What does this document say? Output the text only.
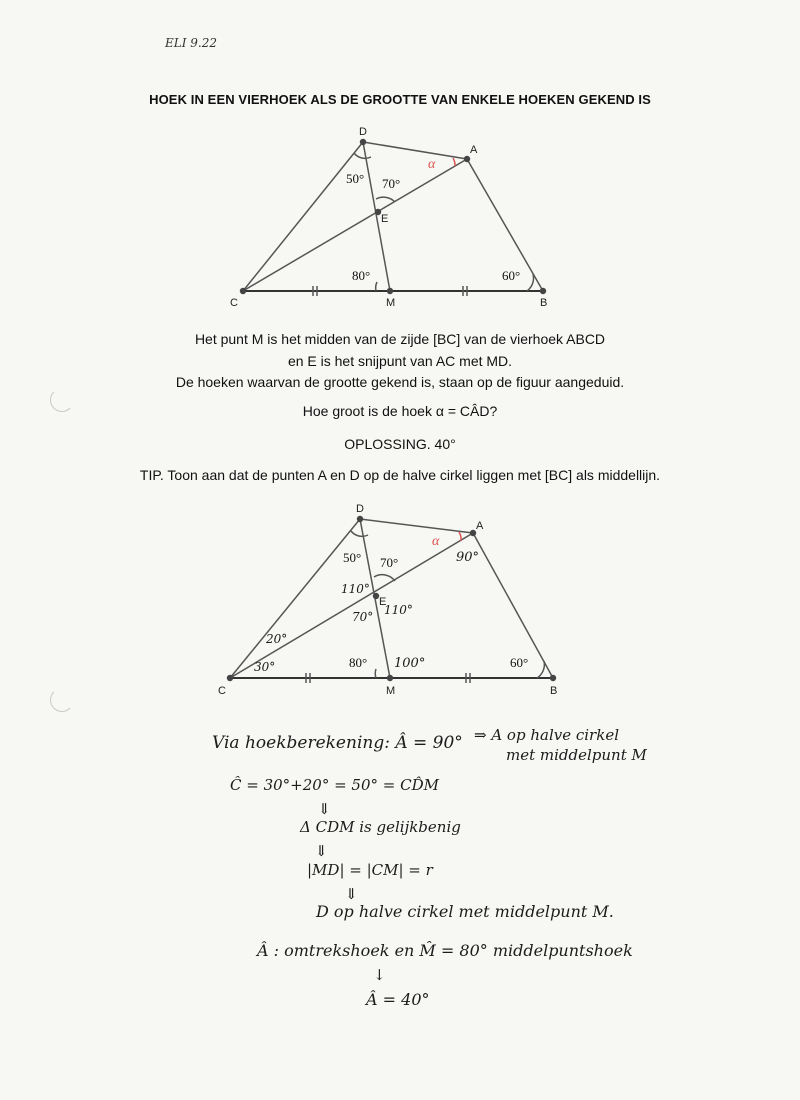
ELI 9.22
HOEK IN EEN VIERHOEK ALS DE GROOTTE VAN ENKELE HOEKEN GEKEND IS
D
A
C	B
M
E
50° 70°
80°	60°
α
Het punt M is het midden van de zijde [BC] van de vierhoek ABCD
en E is het snijpunt van AC met MD.
De hoeken waarvan de grootte gekend is, staan op de figuur aangeduid.
Hoe groot is de hoek α = CÂD?
OPLOSSING. 40°
TIP. Toon aan dat de punten A en D op de halve cirkel liggen met [BC] als middellijn.
D
A
C	B
M
E
50° 70°
80°	60°
α
90°
110°
110°
70°
100°
20°
30°
Via hoekberekening: Â = 90° ⇒ A op halve cirkel
met middelpunt M
Ĉ = 30°+20° = 50° = CD̂M
⇓
Δ CDM is gelijkbenig
⇓
|MD| = |CM| = r
⇓
D op halve cirkel met middelpunt M.
Â : omtrekshoek en M̂ = 80° middelpuntshoek
↓
Â = 40°
